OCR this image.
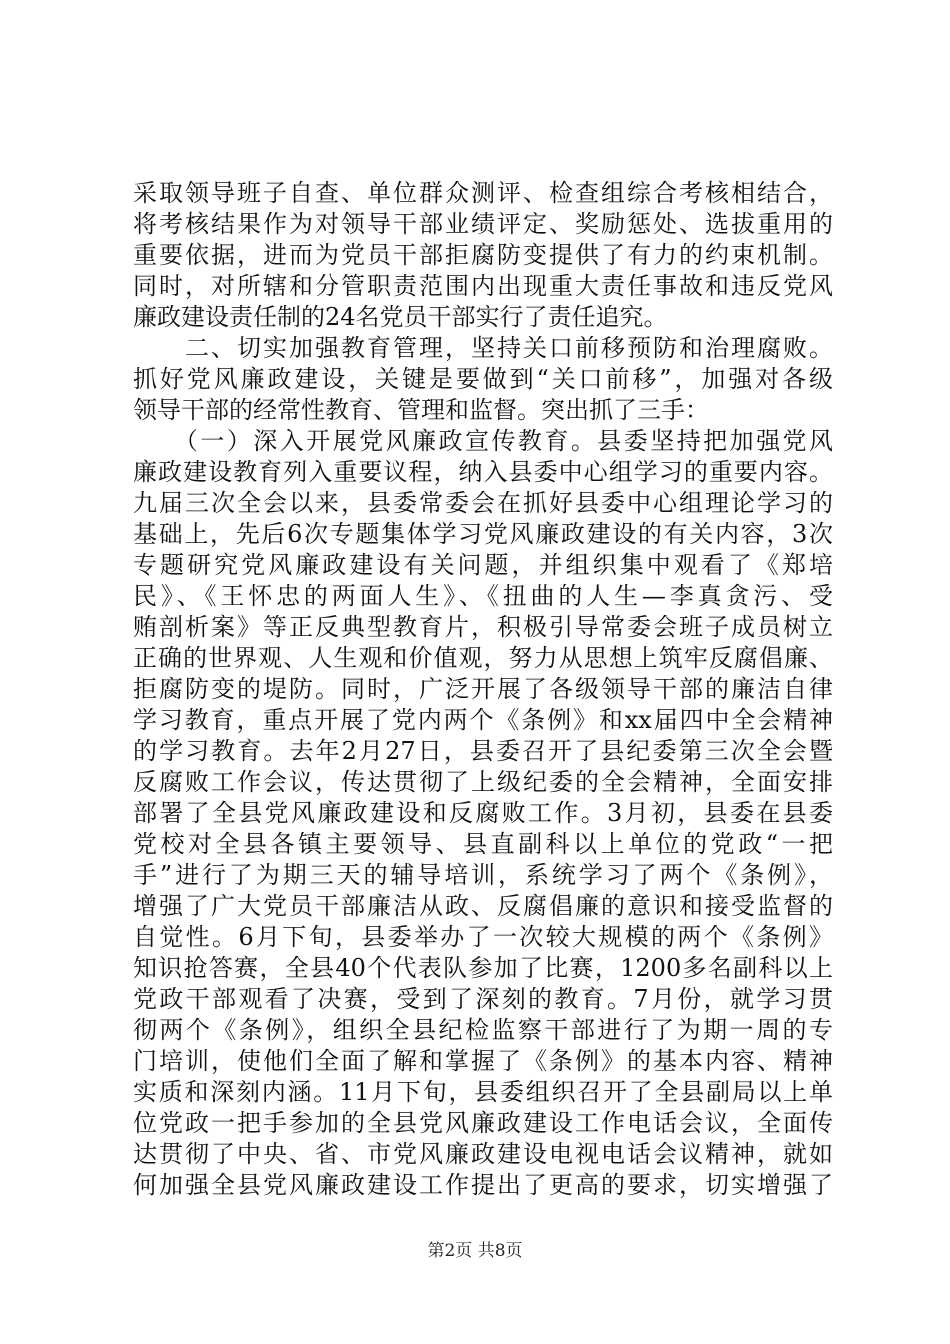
采取领导班子自查、单位群众测评、检查组综合考核相结合，
将考核结果作为对领导干部业绩评定、奖励惩处、选拔重用的
重要依据，进而为党员干部拒腐防变提供了有力的约束机制。
同时，对所辖和分管职责范围内出现重大责任事故和违反党风
廉政建设责任制的24名党员干部实行了责任追究。
　　二、切实加强教育管理，坚持关口前移预防和治理腐败。
抓好党风廉政建设，关键是要做到“关口前移”，加强对各级
领导干部的经常性教育、管理和监督。突出抓了三手：
　　（一）深入开展党风廉政宣传教育。县委坚持把加强党风
廉政建设教育列入重要议程，纳入县委中心组学习的重要内容。
九届三次全会以来，县委常委会在抓好县委中心组理论学习的
基础上，先后6次专题集体学习党风廉政建设的有关内容，3次
专题研究党风廉政建设有关问题，并组织集中观看了《郑培
民》、《王怀忠的两面人生》、《扭曲的人生—李真贪污、受
贿剖析案》等正反典型教育片，积极引导常委会班子成员树立
正确的世界观、人生观和价值观，努力从思想上筑牢反腐倡廉、
拒腐防变的堤防。同时，广泛开展了各级领导干部的廉洁自律
学习教育，重点开展了党内两个《条例》和xx届四中全会精神
的学习教育。去年2月27日，县委召开了县纪委第三次全会暨
反腐败工作会议，传达贯彻了上级纪委的全会精神，全面安排
部署了全县党风廉政建设和反腐败工作。3月初，县委在县委
党校对全县各镇主要领导、县直副科以上单位的党政“一把
手”进行了为期三天的辅导培训，系统学习了两个《条例》，
增强了广大党员干部廉洁从政、反腐倡廉的意识和接受监督的
自觉性。6月下旬，县委举办了一次较大规模的两个《条例》
知识抢答赛，全县40个代表队参加了比赛，1200多名副科以上
党政干部观看了决赛，受到了深刻的教育。7月份，就学习贯
彻两个《条例》，组织全县纪检监察干部进行了为期一周的专
门培训，使他们全面了解和掌握了《条例》的基本内容、精神
实质和深刻内涵。11月下旬，县委组织召开了全县副局以上单
位党政一把手参加的全县党风廉政建设工作电话会议，全面传
达贯彻了中央、省、市党风廉政建设电视电话会议精神，就如
何加强全县党风廉政建设工作提出了更高的要求，切实增强了
第2页 共8页
